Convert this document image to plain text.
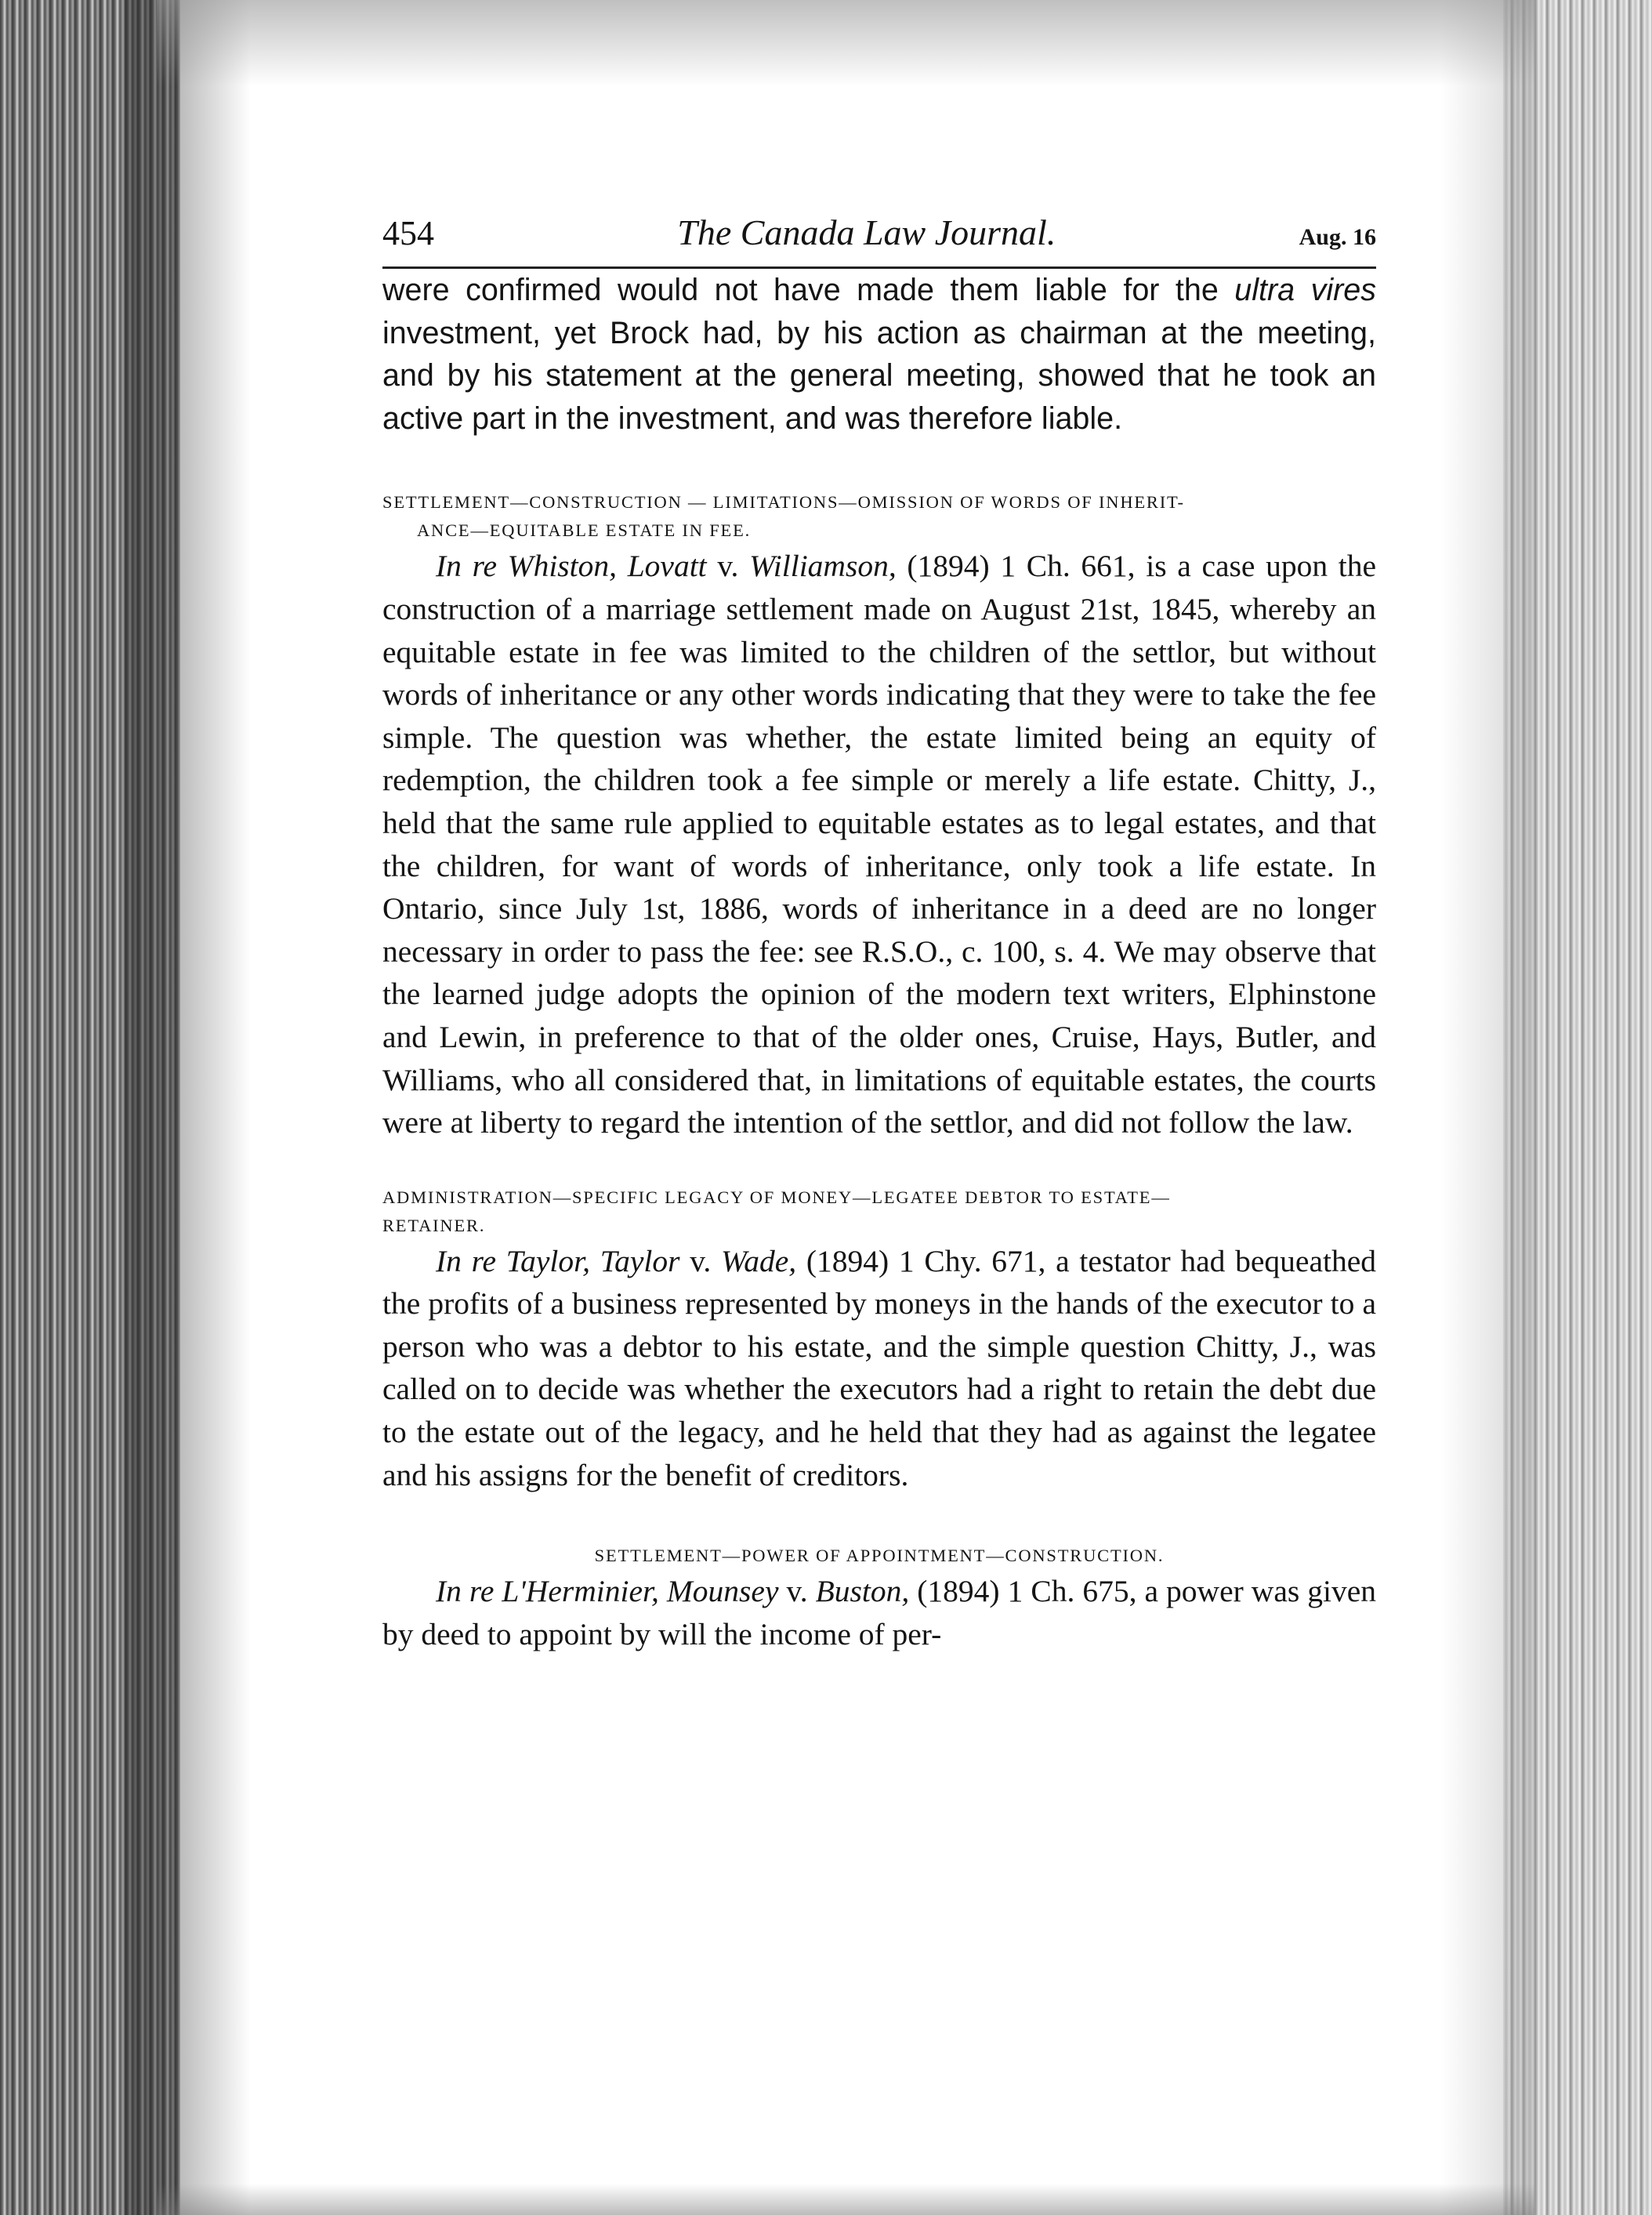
454	The Canada Law Journal.	Aug. 16

were confirmed would not have made them liable for the ultra vires investment, yet Brock had, by his action as chairman at the meeting, and by his statement at the general meeting, showed that he took an active part in the investment, and was therefore liable.

SETTLEMENT—CONSTRUCTION — LIMITATIONS—OMISSION OF WORDS OF INHERIT-
ANCE—EQUITABLE ESTATE IN FEE.

In re Whiston, Lovatt v. Williamson, (1894) 1 Ch. 661, is a case upon the construction of a marriage settlement made on August 21st, 1845, whereby an equitable estate in fee was limited to the children of the settlor, but without words of inheritance or any other words indicating that they were to take the fee simple. The question was whether, the estate limited being an equity of redemption, the children took a fee simple or merely a life estate. Chitty, J., held that the same rule applied to equitable estates as to legal estates, and that the children, for want of words of inheritance, only took a life estate. In Ontario, since July 1st, 1886, words of inheritance in a deed are no longer necessary in order to pass the fee: see R.S.O., c. 100, s. 4. We may observe that the learned judge adopts the opinion of the modern text writers, Elphinstone and Lewin, in preference to that of the older ones, Cruise, Hays, Butler, and Williams, who all considered that, in limitations of equitable estates, the courts were at liberty to regard the intention of the settlor, and did not follow the law.

ADMINISTRATION—SPECIFIC LEGACY OF MONEY—LEGATEE DEBTOR TO ESTATE—
RETAINER.

In re Taylor, Taylor v. Wade, (1894) 1 Chy. 671, a testator had bequeathed the profits of a business represented by moneys in the hands of the executor to a person who was a debtor to his estate, and the simple question Chitty, J., was called on to decide was whether the executors had a right to retain the debt due to the estate out of the legacy, and he held that they had as against the legatee and his assigns for the benefit of creditors.

SETTLEMENT—POWER OF APPOINTMENT—CONSTRUCTION.

In re L'Herminier, Mounsey v. Buston, (1894) 1 Ch. 675, a power was given by deed to appoint by will the income of per-
